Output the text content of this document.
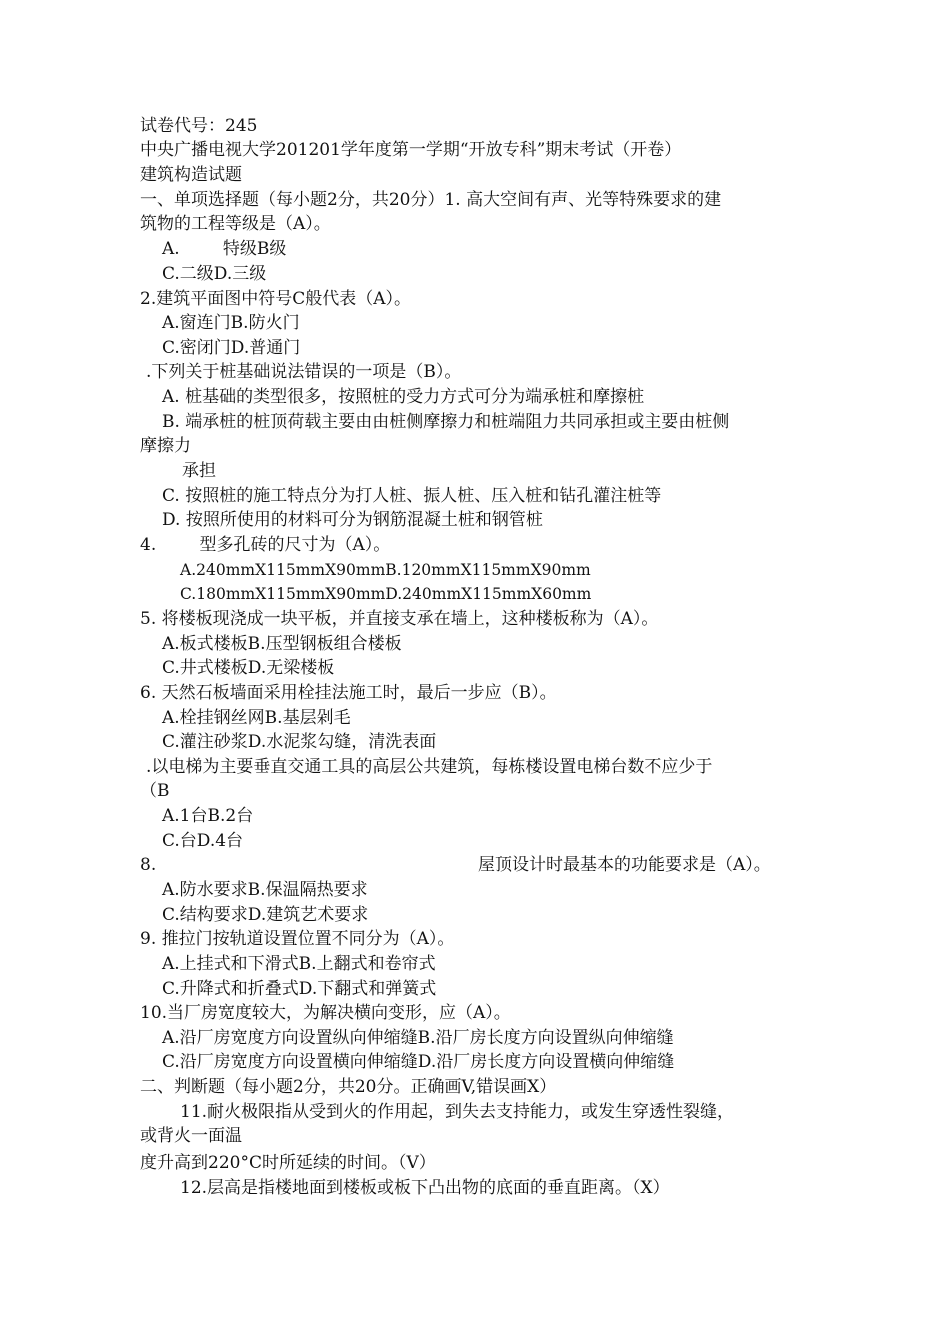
试卷代号：245
中央广播电视大学201201学年度第一学期“开放专科”期末考试（开卷）
建筑构造试题
一、单项选择题（每小题2分，共20分）1. 高大空间有声、光等特殊要求的建
筑物的工程等级是（A）。
A.        特级B级
C.二级D.三级
2.建筑平面图中符号C般代表（A）。
A.窗连门B.防火门
C.密闭门D.普通门
.下列关于桩基础说法错误的一项是（B）。
A. 桩基础的类型很多，按照桩的受力方式可分为端承桩和摩擦桩
B. 端承桩的桩顶荷载主要由由桩侧摩擦力和桩端阻力共同承担或主要由桩侧
摩擦力
承担
C. 按照桩的施工特点分为打人桩、振人桩、压入桩和钻孔灌注桩等
D. 按照所使用的材料可分为钢筋混凝土桩和钢管桩
4.        型多孔砖的尺寸为（A）。
A.240mmX115mmX90mmB.120mmX115mmX90mm
C.180mmX115mmX90mmD.240mmX115mmX60mm
5. 将楼板现浇成一块平板，并直接支承在墙上，这种楼板称为（A）。
A.板式楼板B.压型钢板组合楼板
C.井式楼板D.无梁楼板
6. 天然石板墙面采用栓挂法施工时，最后一步应（B）。
A.栓挂钢丝网B.基层剁毛
C.灌注砂浆D.水泥浆勾缝，清洗表面
.以电梯为主要垂直交通工具的高层公共建筑，每栋楼设置电梯台数不应少于
（B
A.1台B.2台
C.台D.4台
8.	屋顶设计时最基本的功能要求是（A）。
A.防水要求B.保温隔热要求
C.结构要求D.建筑艺术要求
9. 推拉门按轨道设置位置不同分为（A）。
A.上挂式和下滑式B.上翻式和卷帘式
C.升降式和折叠式D.下翻式和弹簧式
10.当厂房宽度较大，为解决横向变形，应（A）。
A.沿厂房宽度方向设置纵向伸缩缝B.沿厂房长度方向设置纵向伸缩缝
C.沿厂房宽度方向设置横向伸缩缝D.沿厂房长度方向设置横向伸缩缝
二、判断题（每小题2分，共20分。正确画V,错误画X）
11.耐火极限指从受到火的作用起，到失去支持能力，或发生穿透性裂缝，
或背火一面温
度升高到220°C时所延续的时间。（V）
12.层高是指楼地面到楼板或板下凸出物的底面的垂直距离。（X）
